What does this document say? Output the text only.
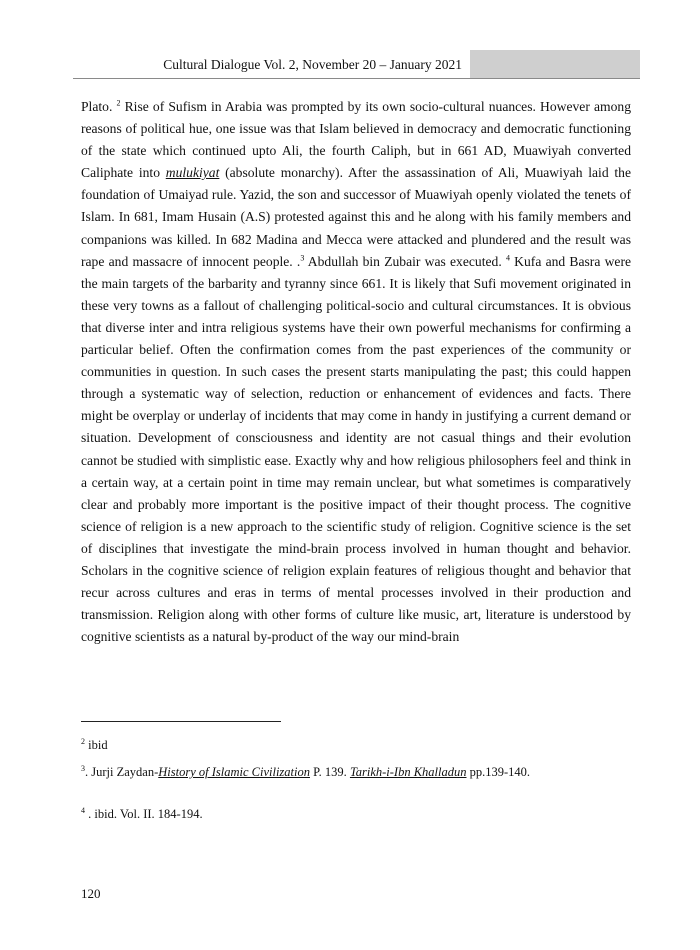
Cultural Dialogue Vol. 2, November 20 – January 2021

Plato. $^2$ Rise of Sufism in Arabia was prompted by its own socio-cultural nuances. However among reasons of political hue, one issue was that Islam believed in democracy and democratic functioning of the state which continued upto Ali, the fourth Caliph, but in 661 AD, Muawiyah converted Caliphate into mulukiyat (absolute monarchy). After the assassination of Ali, Muawiyah laid the foundation of Umaiyad rule. Yazid, the son and successor of Muawiyah openly violated the tenets of Islam. In 681, Imam Husain (A.S) protested against this and he along with his family members and companions was killed. In 682 Madina and Mecca were attacked and plundered and the result was rape and massacre of innocent people. .$^3$ Abdullah bin Zubair was executed. $^4$ Kufa and Basra were the main targets of the barbarity and tyranny since 661. It is likely that Sufi movement originated in these very towns as a fallout of challenging political-socio and cultural circumstances. It is obvious that diverse inter and intra religious systems have their own powerful mechanisms for confirming a particular belief. Often the confirmation comes from the past experiences of the community or communities in question. In such cases the present starts manipulating the past; this could happen through a systematic way of selection, reduction or enhancement of evidences and facts. There might be overplay or underlay of incidents that may come in handy in justifying a current demand or situation. Development of consciousness and identity are not casual things and their evolution cannot be studied with simplistic ease. Exactly why and how religious philosophers feel and think in a certain way, at a certain point in time may remain unclear, but what sometimes is comparatively clear and probably more important is the positive impact of their thought process. The cognitive science of religion is a new approach to the scientific study of religion. Cognitive science is the set of disciplines that investigate the mind-brain process involved in human thought and behavior. Scholars in the cognitive science of religion explain features of religious thought and behavior that recur across cultures and eras in terms of mental processes involved in their production and transmission. Religion along with other forms of culture like music, art, literature is understood by cognitive scientists as a natural by-product of the way our mind-brain

$^2$ ibid
$^3$. Jurji Zaydan-History of Islamic Civilization P. 139. Tarikh-i-Ibn Khalladun pp.139-140.
$^4$ . ibid. Vol. II. 184-194.
120
